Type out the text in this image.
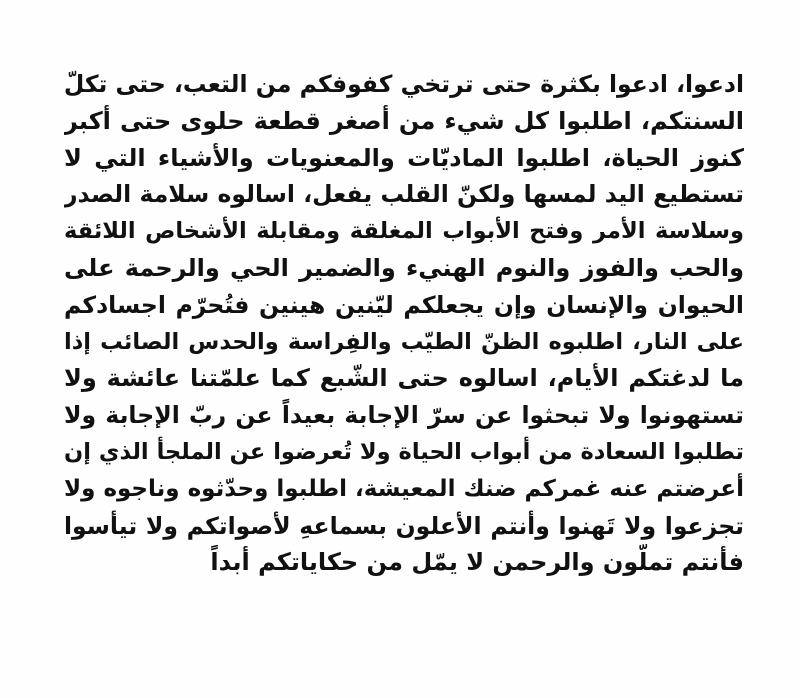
ادعوا، ادعوا بكثرة حتى ترتخي كفوفكم من التعب، حتى تكلّ
السنتكم، اطلبوا كل شيء من أصغر قطعة حلوى حتى أكبر
كنوز الحياة، اطلبوا الماديّات والمعنويات والأشياء التي لا
تستطيع اليد لمسها ولكنّ القلب يفعل، اسالوه سلامة الصدر
وسلاسة الأمر وفتح الأبواب المغلقة ومقابلة الأشخاص اللائقة
والحب والفوز والنوم الهنيء والضمير الحي والرحمة على
الحيوان والإنسان وإن يجعلكم ليّنين هينين فتُحرّم اجسادكم
على النار، اطلبوه الظنّ الطيّب والفِراسة والحدس الصائب إذا
ما لدغتكم الأيام، اسالوه حتى الشّبع كما علمّتنا عائشة ولا
تستهونوا ولا تبحثوا عن سرّ الإجابة بعيداً عن ربّ الإجابة ولا
تطلبوا السعادة من أبواب الحياة ولا تُعرضوا عن الملجأ الذي إن
أعرضتم عنه غمركم ضنك المعيشة، اطلبوا وحدّثوه وناجوه ولا
تجزعوا ولا تَهنوا وأنتم الأعلون بسماعهِ لأصواتكم ولا تيأسوا
فأنتم تملّون والرحمن لا يمّل من حكاياتكم أبداً
